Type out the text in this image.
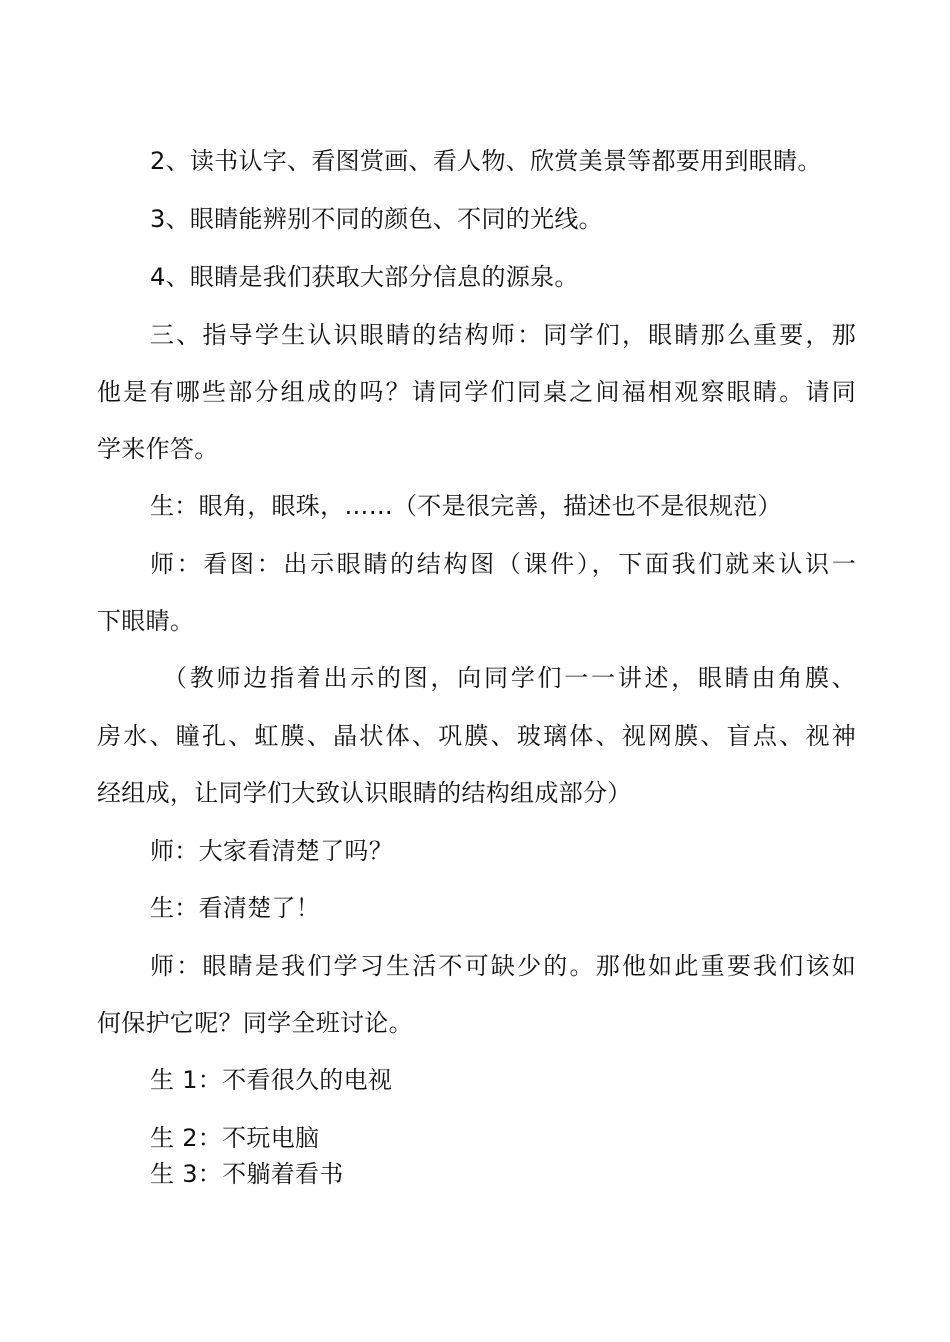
2、读书认字、看图赏画、看人物、欣赏美景等都要用到眼睛。
3、眼睛能辨别不同的颜色、不同的光线。
4、眼睛是我们获取大部分信息的源泉。
三、指导学生认识眼睛的结构师：同学们，眼睛那么重要，那
他是有哪些部分组成的吗？请同学们同桌之间福相观察眼睛。请同
学来作答。
生：眼角，眼珠，……（不是很完善，描述也不是很规范）
师：看图：出示眼睛的结构图（课件），下面我们就来认识一
下眼睛。
（教师边指着出示的图，向同学们一一讲述，眼睛由角膜、
房水、瞳孔、虹膜、晶状体、巩膜、玻璃体、视网膜、盲点、视神
经组成，让同学们大致认识眼睛的结构组成部分）
师：大家看清楚了吗？
生：看清楚了！
师：眼睛是我们学习生活不可缺少的。那他如此重要我们该如
何保护它呢？同学全班讨论。
生 1：不看很久的电视
生 2：不玩电脑
生 3：不躺着看书
